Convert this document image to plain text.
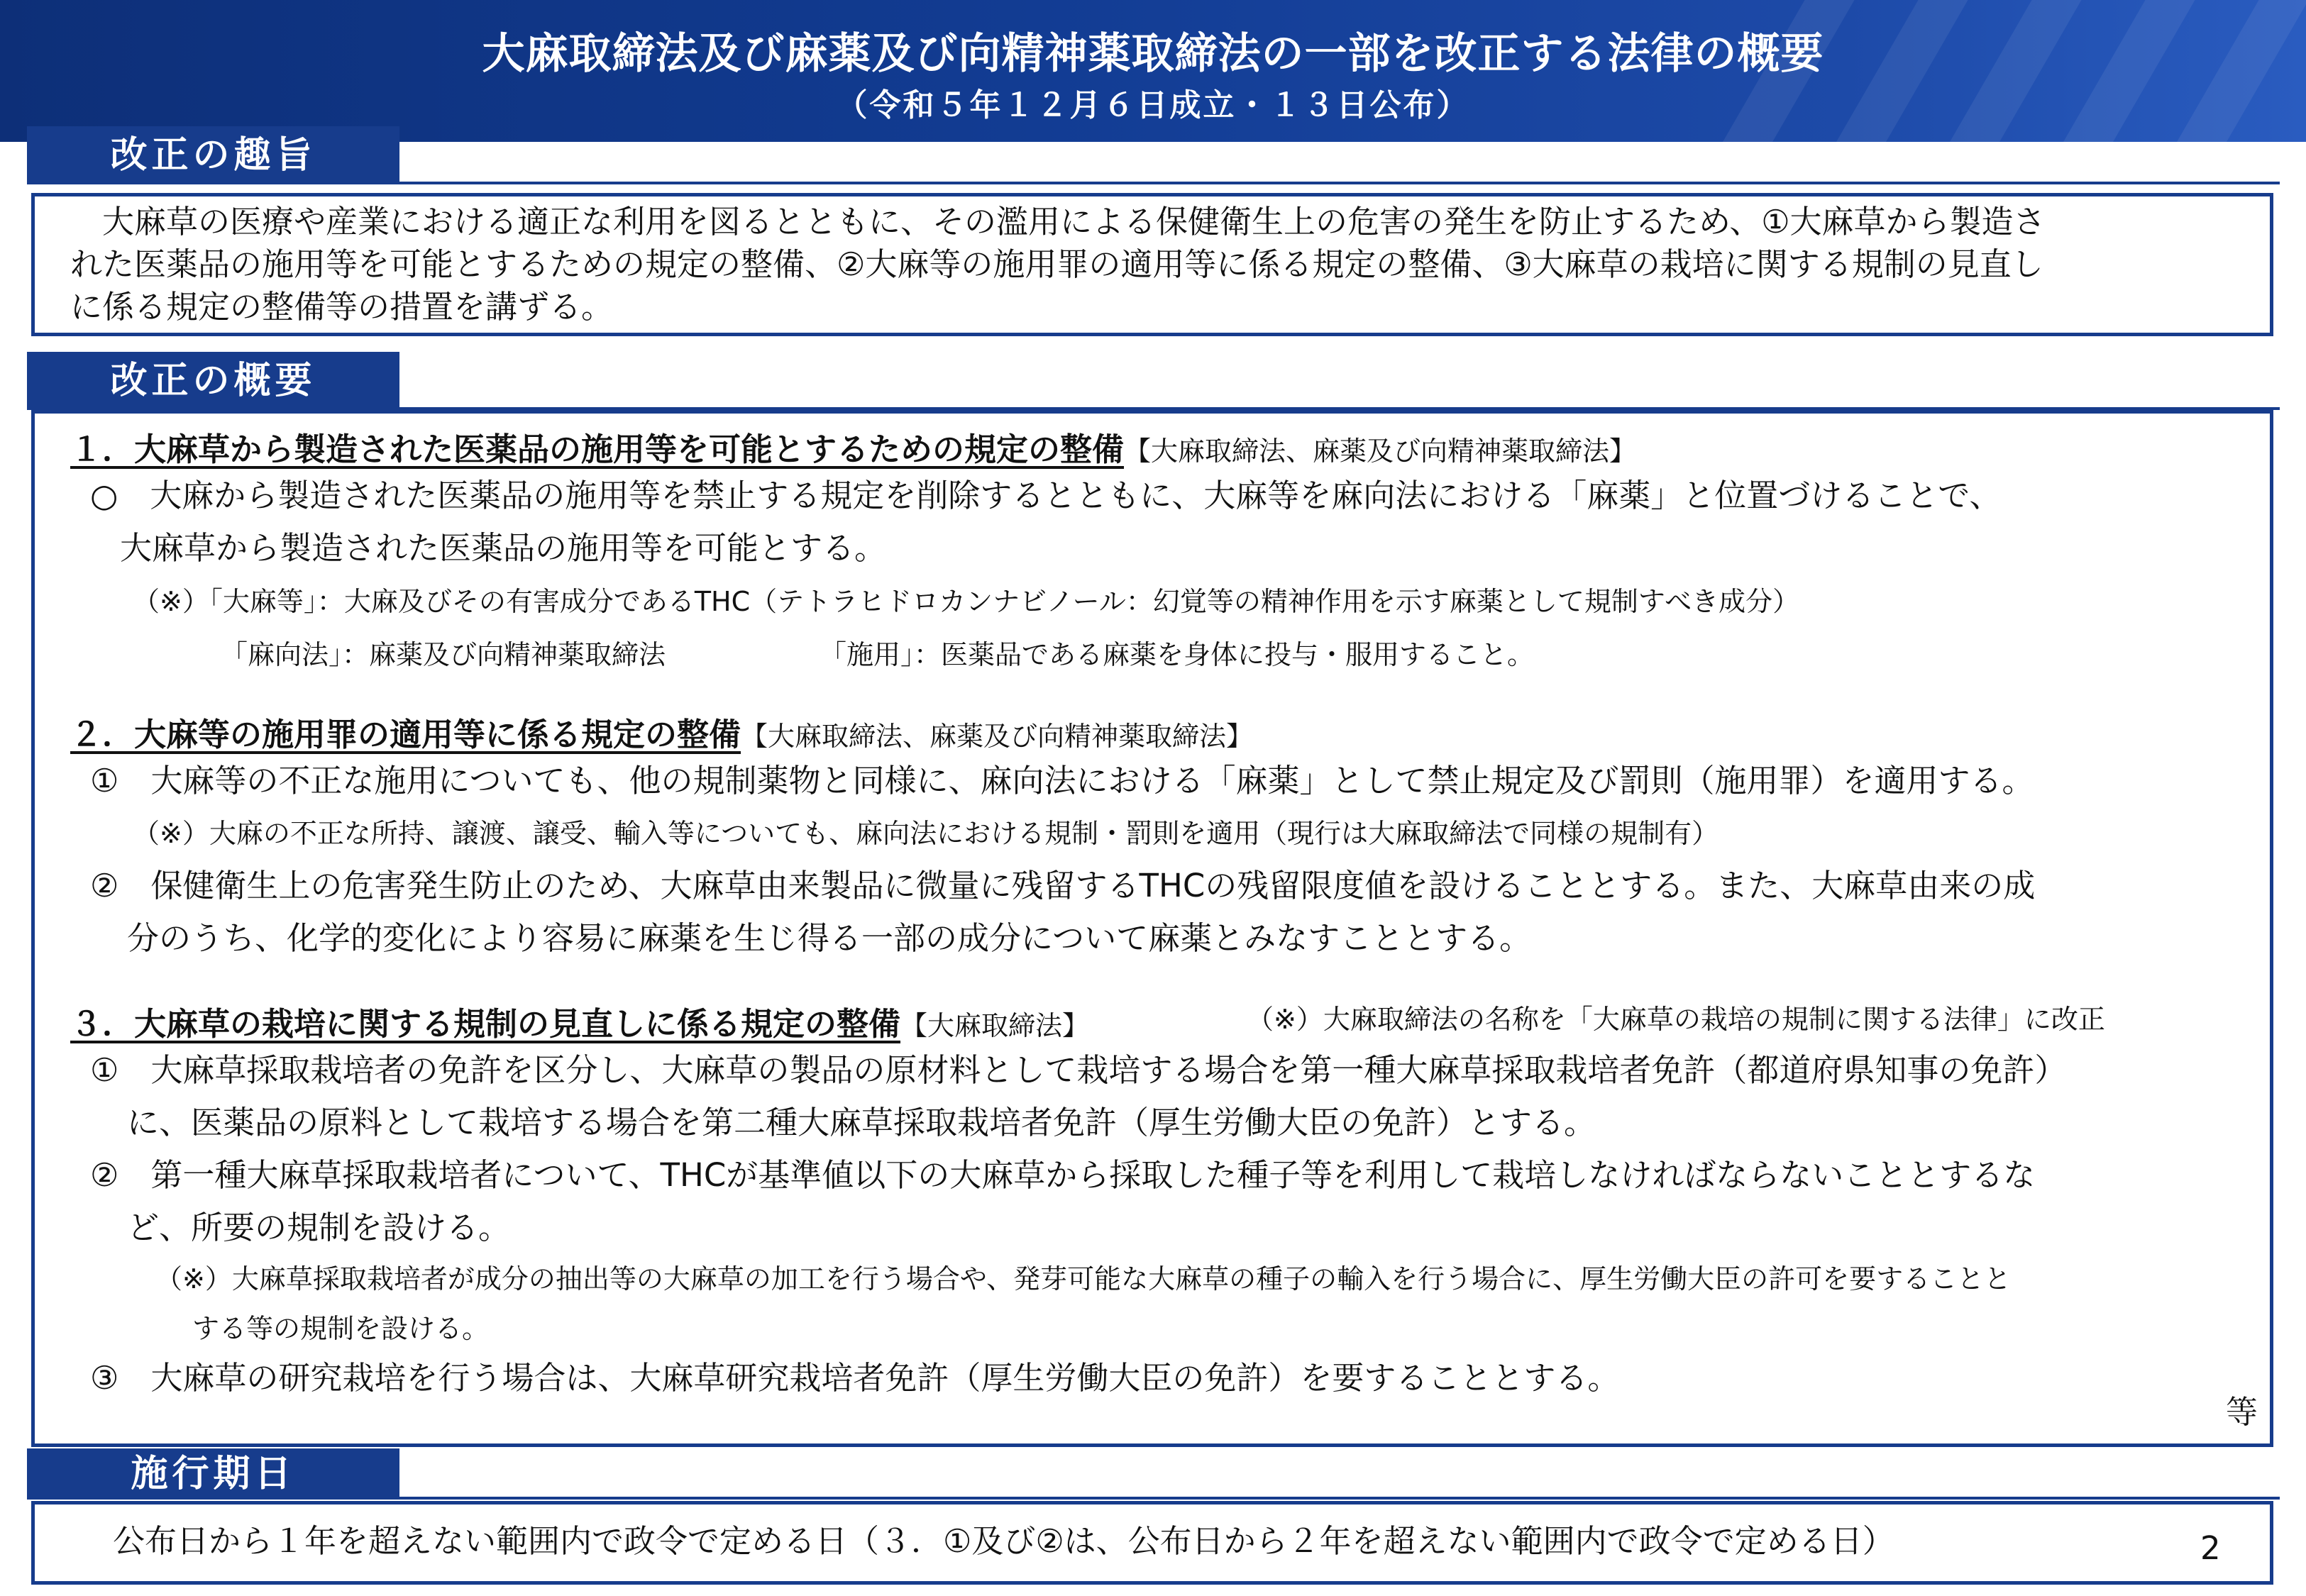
大麻取締法及び麻薬及び向精神薬取締法の一部を改正する法律の概要
（令和５年１２月６日成立・１３日公布）
改正の趣旨
　大麻草の医療や産業における適正な利用を図るとともに、その濫用による保健衛生上の危害の発生を防止するため、①大麻草から製造さ
れた医薬品の施用等を可能とするための規定の整備、②大麻等の施用罪の適用等に係る規定の整備、③大麻草の栽培に関する規制の見直し
に係る規定の整備等の措置を講ずる。
改正の概要
１．大麻草から製造された医薬品の施用等を可能とするための規定の整備【大麻取締法、麻薬及び向精神薬取締法】
○　大麻から製造された医薬品の施用等を禁止する規定を削除するとともに、大麻等を麻向法における「麻薬」と位置づけることで、
大麻草から製造された医薬品の施用等を可能とする。
（※）「大麻等」：大麻及びその有害成分であるTHC（テトラヒドロカンナビノール：幻覚等の精神作用を示す麻薬として規制すべき成分）
「麻向法」：麻薬及び向精神薬取締法	「施用」：医薬品である麻薬を身体に投与・服用すること。
２．大麻等の施用罪の適用等に係る規定の整備【大麻取締法、麻薬及び向精神薬取締法】
①　大麻等の不正な施用についても、他の規制薬物と同様に、麻向法における「麻薬」として禁止規定及び罰則（施用罪）を適用する。
（※）大麻の不正な所持、譲渡、譲受、輸入等についても、麻向法における規制・罰則を適用（現行は大麻取締法で同様の規制有）
②　保健衛生上の危害発生防止のため、大麻草由来製品に微量に残留するTHCの残留限度値を設けることとする。また、大麻草由来の成
分のうち、化学的変化により容易に麻薬を生じ得る一部の成分について麻薬とみなすこととする。
３．大麻草の栽培に関する規制の見直しに係る規定の整備【大麻取締法】	（※）大麻取締法の名称を「大麻草の栽培の規制に関する法律」に改正
①　大麻草採取栽培者の免許を区分し、大麻草の製品の原材料として栽培する場合を第一種大麻草採取栽培者免許（都道府県知事の免許）
に、医薬品の原料として栽培する場合を第二種大麻草採取栽培者免許（厚生労働大臣の免許）とする。
②　第一種大麻草採取栽培者について、THCが基準値以下の大麻草から採取した種子等を利用して栽培しなければならないこととするな
ど、所要の規制を設ける。
（※）大麻草採取栽培者が成分の抽出等の大麻草の加工を行う場合や、発芽可能な大麻草の種子の輸入を行う場合に、厚生労働大臣の許可を要することと
する等の規制を設ける。
③　大麻草の研究栽培を行う場合は、大麻草研究栽培者免許（厚生労働大臣の免許）を要することとする。
等
施行期日
公布日から１年を超えない範囲内で政令で定める日（３．①及び②は、公布日から２年を超えない範囲内で政令で定める日）	2
